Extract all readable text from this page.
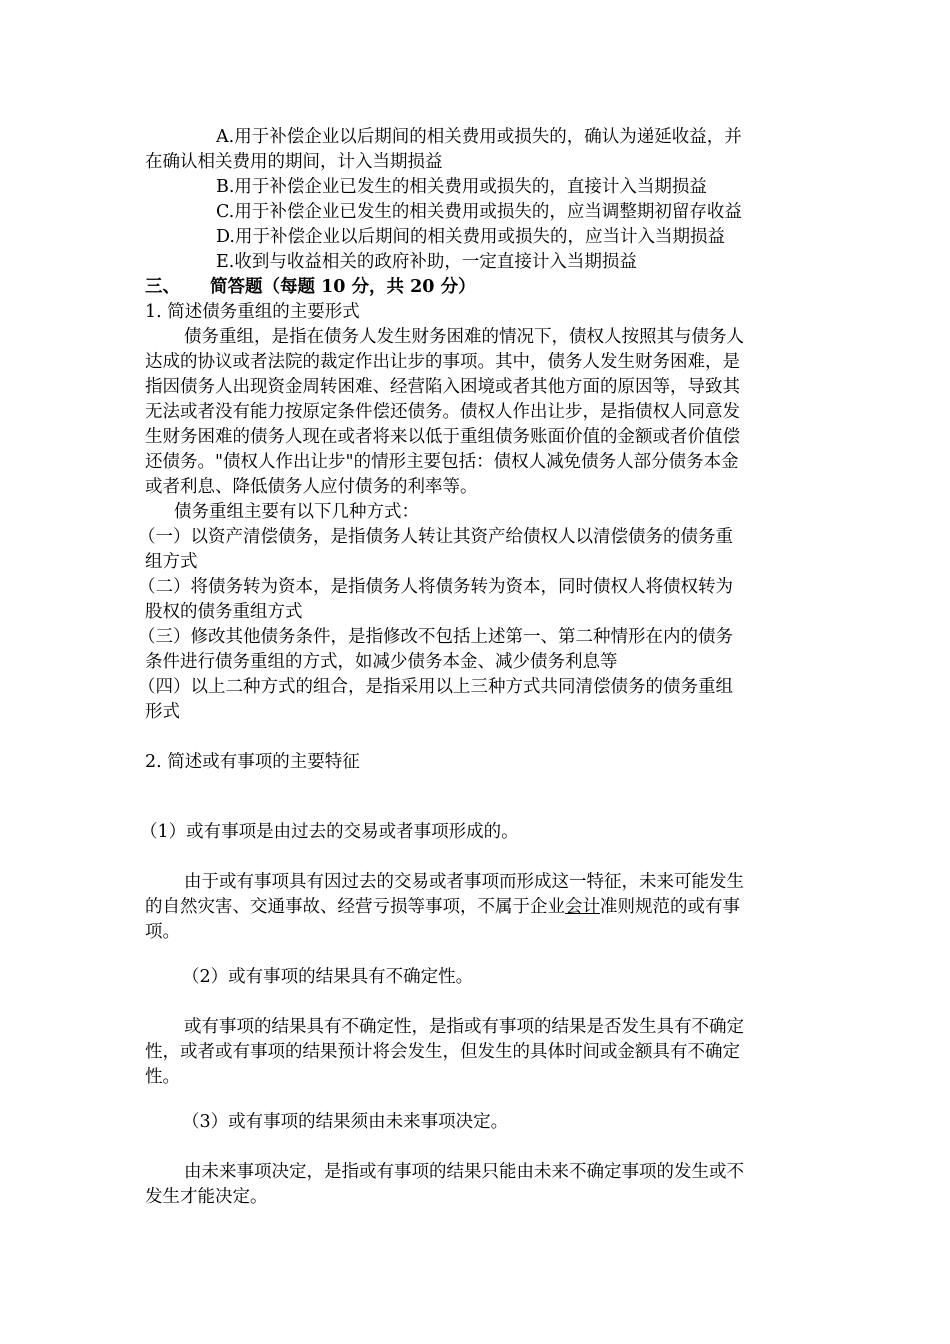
A.用于补偿企业以后期间的相关费用或损失的，确认为递延收益，并
在确认相关费用的期间，计入当期损益
B.用于补偿企业已发生的相关费用或损失的，直接计入当期损益
C.用于补偿企业已发生的相关费用或损失的，应当调整期初留存收益
D.用于补偿企业以后期间的相关费用或损失的，应当计入当期损益
E.收到与收益相关的政府补助，一定直接计入当期损益
三、 简答题（每题 10 分，共 20 分）
1. 简述债务重组的主要形式
债务重组，是指在债务人发生财务困难的情况下，债权人按照其与债务人
达成的协议或者法院的裁定作出让步的事项。其中，债务人发生财务困难，是
指因债务人出现资金周转困难、经营陷入困境或者其他方面的原因等，导致其
无法或者没有能力按原定条件偿还债务。债权人作出让步，是指债权人同意发
生财务困难的债务人现在或者将来以低于重组债务账面价值的金额或者价值偿
还债务。"债权人作出让步"的情形主要包括：债权人减免债务人部分债务本金
或者利息、降低债务人应付债务的利率等。
债务重组主要有以下几种方式：
（一）以资产清偿债务，是指债务人转让其资产给债权人以清偿债务的债务重
组方式
（二）将债务转为资本，是指债务人将债务转为资本，同时债权人将债权转为
股权的债务重组方式
（三）修改其他债务条件，是指修改不包括上述第一、第二种情形在内的债务
条件进行债务重组的方式，如减少债务本金、减少债务利息等
（四）以上二种方式的组合，是指采用以上三种方式共同清偿债务的债务重组
形式
2. 简述或有事项的主要特征
（1）或有事项是由过去的交易或者事项形成的。
由于或有事项具有因过去的交易或者事项而形成这一特征，未来可能发生
的自然灾害、交通事故、经营亏损等事项，不属于企业会计准则规范的或有事
项。
（2）或有事项的结果具有不确定性。
或有事项的结果具有不确定性，是指或有事项的结果是否发生具有不确定
性，或者或有事项的结果预计将会发生，但发生的具体时间或金额具有不确定
性。
（3）或有事项的结果须由未来事项决定。
由未来事项决定，是指或有事项的结果只能由未来不确定事项的发生或不
发生才能决定。
